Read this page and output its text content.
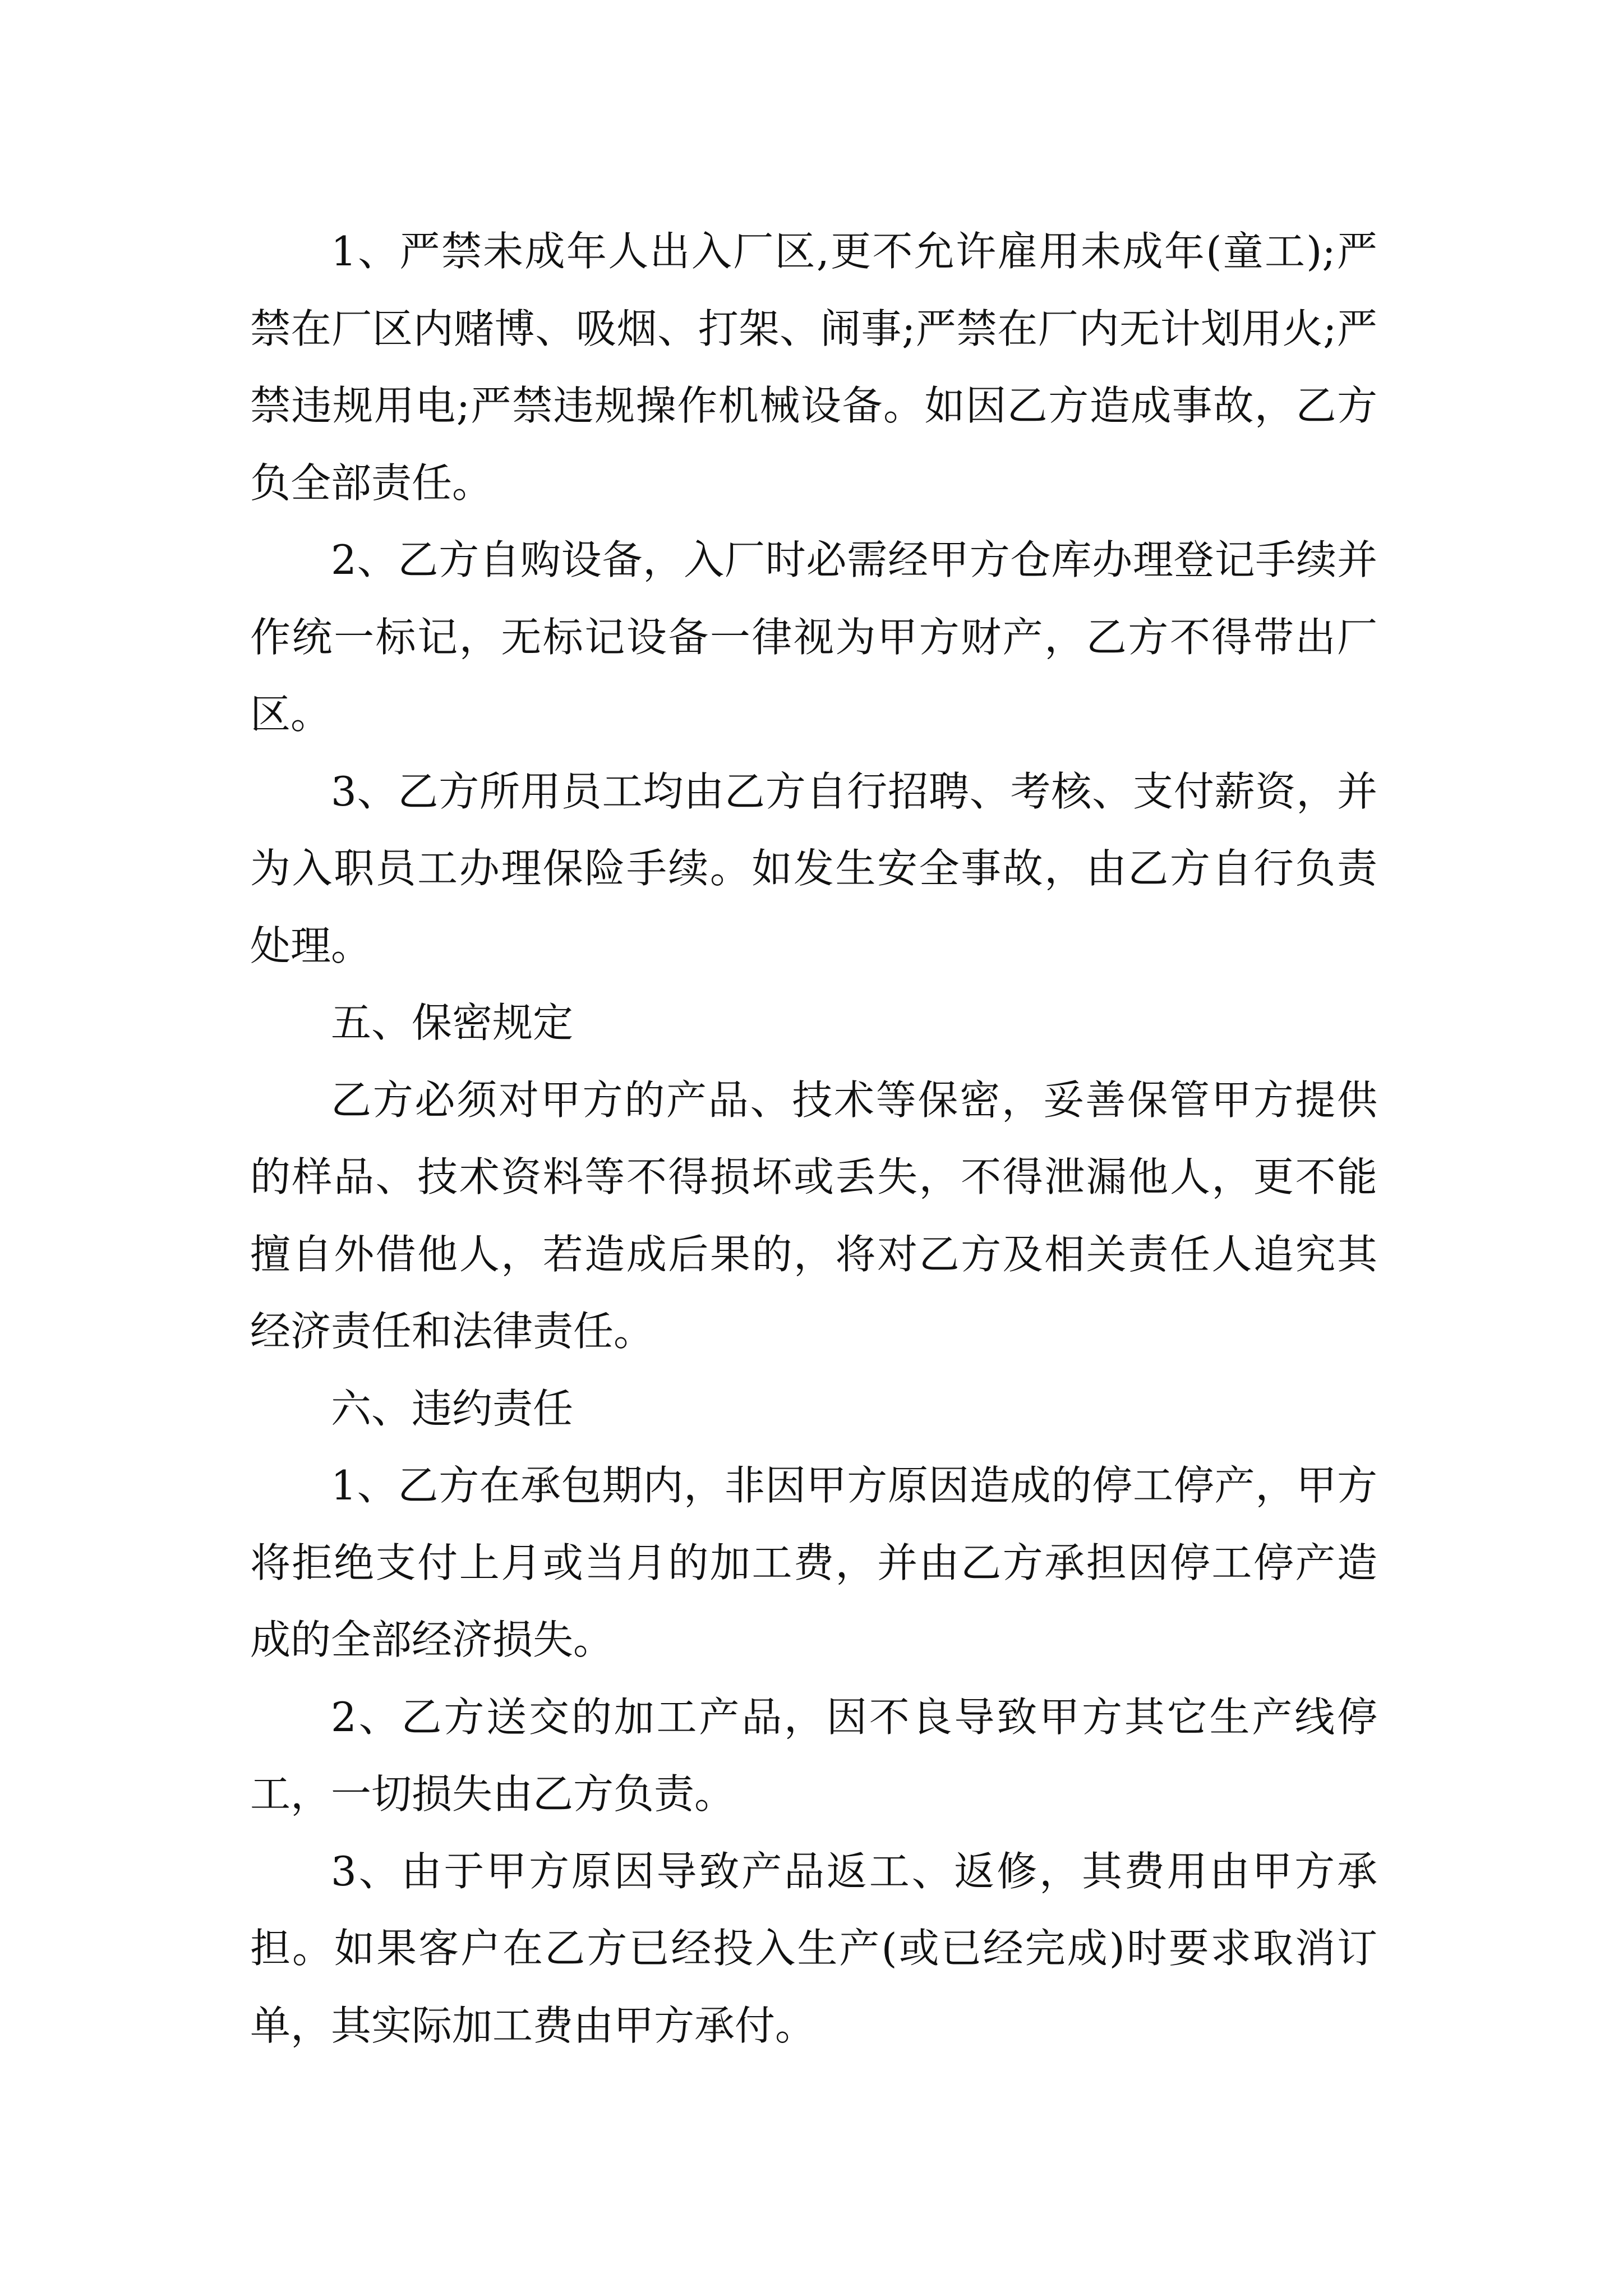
1、严禁未成年人出入厂区,更不允许雇用未成年(童工);严禁在厂区内赌博、吸烟、打架、闹事;严禁在厂内无计划用火;严禁违规用电;严禁违规操作机械设备。如因乙方造成事故，乙方负全部责任。

2、乙方自购设备，入厂时必需经甲方仓库办理登记手续并作统一标记，无标记设备一律视为甲方财产，乙方不得带出厂区。

3、乙方所用员工均由乙方自行招聘、考核、支付薪资，并为入职员工办理保险手续。如发生安全事故，由乙方自行负责处理。

五、保密规定

乙方必须对甲方的产品、技术等保密，妥善保管甲方提供的样品、技术资料等不得损坏或丢失，不得泄漏他人，更不能擅自外借他人，若造成后果的，将对乙方及相关责任人追究其经济责任和法律责任。

六、违约责任

1、乙方在承包期内，非因甲方原因造成的停工停产，甲方将拒绝支付上月或当月的加工费，并由乙方承担因停工停产造成的全部经济损失。

2、乙方送交的加工产品，因不良导致甲方其它生产线停工，一切损失由乙方负责。

3、由于甲方原因导致产品返工、返修，其费用由甲方承担。如果客户在乙方已经投入生产(或已经完成)时要求取消订单，其实际加工费由甲方承付。
